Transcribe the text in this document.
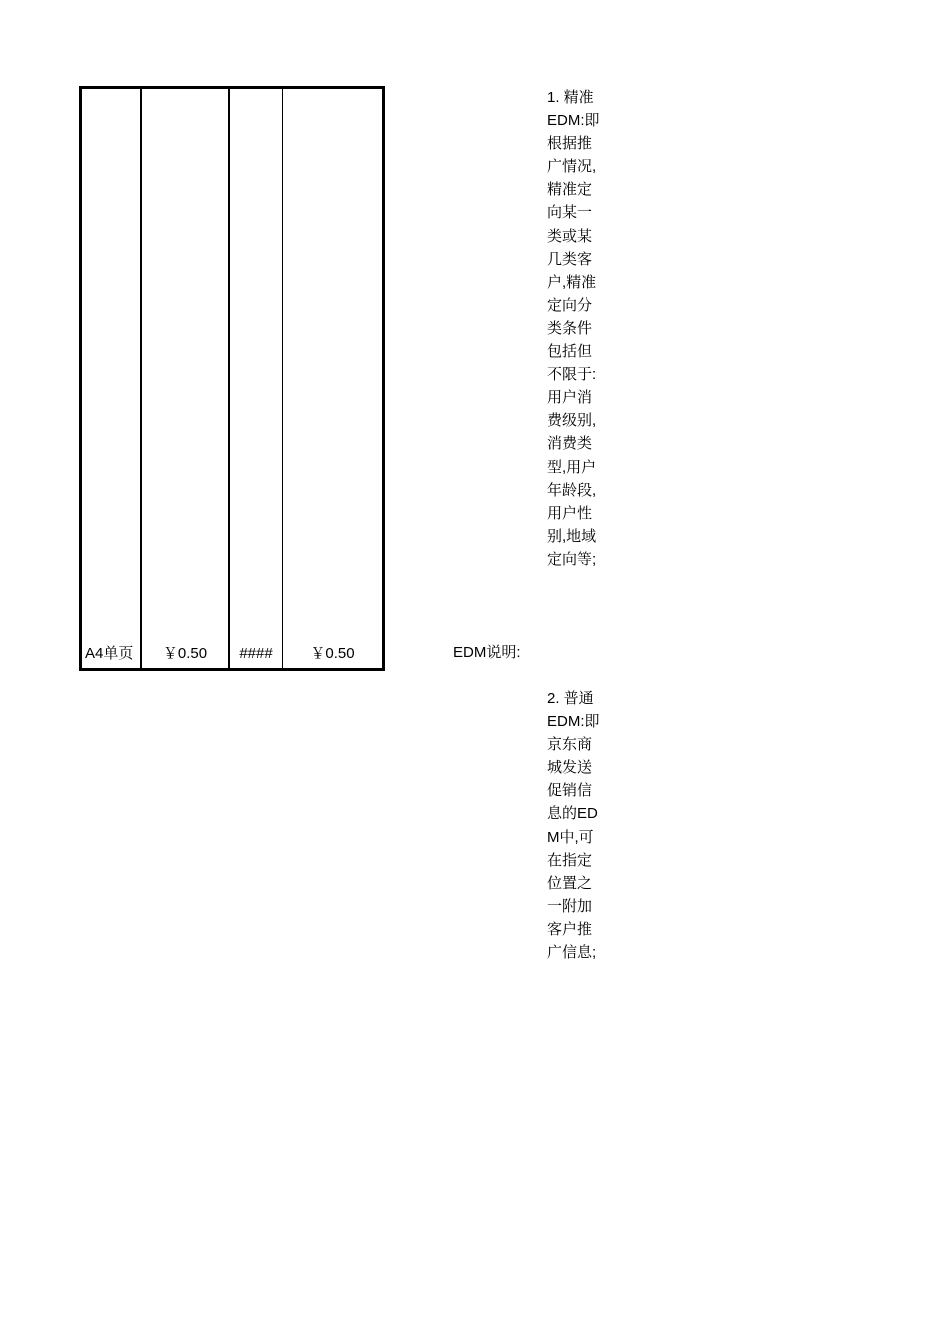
A4单页	￥0.50	####	￥0.50	EDM说明:
1. 精准EDM:即根据推广情况,精准定向某一类或某几类客户,精准定向分类条件包括但不限于: 用户消费级别,消费类型,用户年龄段,用户性别,地域定向等;
2. 普通EDM:即京东商城发送促销信息的EDM中,可在指定位置之一附加客户推广信息;
